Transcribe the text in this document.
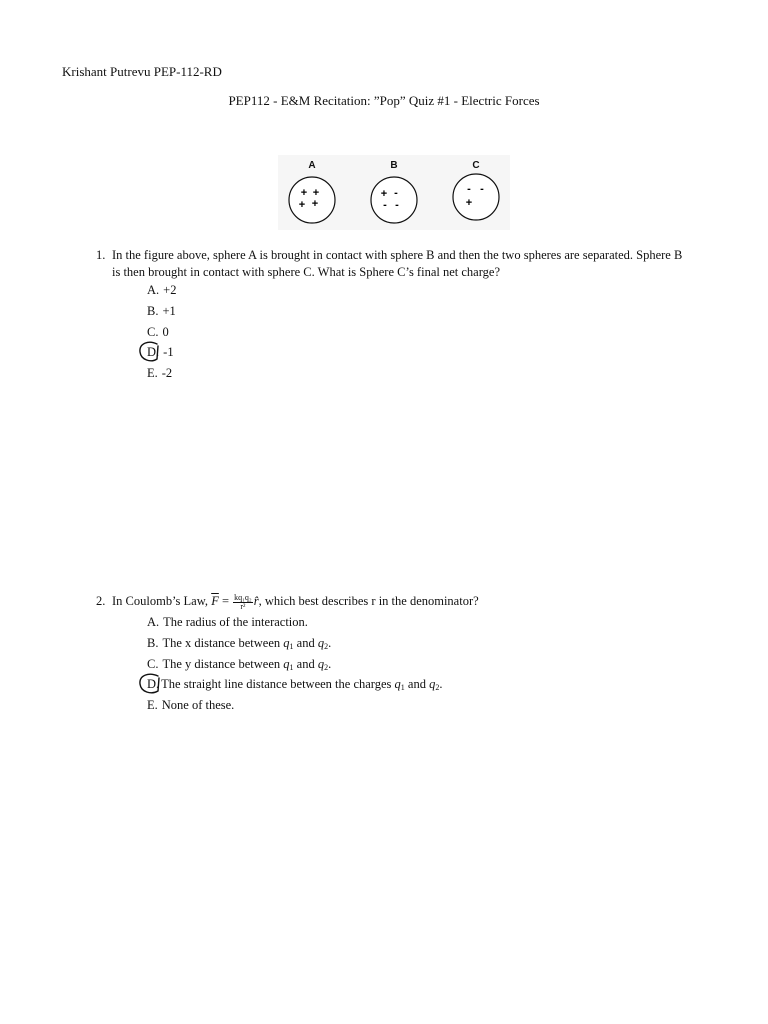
Krishant Putrevu PEP-112-RD
PEP112 - E&M Recitation: ”Pop” Quiz #1 - Electric Forces
A
+ +
+ +
B
+ -
- -
C
- -
+
1. In the figure above, sphere A is brought in contact with sphere B and then the two spheres are separated. Sphere B is then brought in contact with sphere C. What is Sphere C’s final net charge?
A. +2
B. +1
C. 0
D. -1
E. -2
2. In Coulomb’s Law, $\overline{F} = \frac{\text{kq₁q₂}}{\text{r²}}$ r̂, which best describes r in the denominator?
A. The radius of the interaction.
B. The x distance between $q_1$ and $q_2$.
C. The y distance between $q_1$ and $q_2$.
D. The straight line distance between the charges $q_1$ and $q_2$.
E. None of these.
